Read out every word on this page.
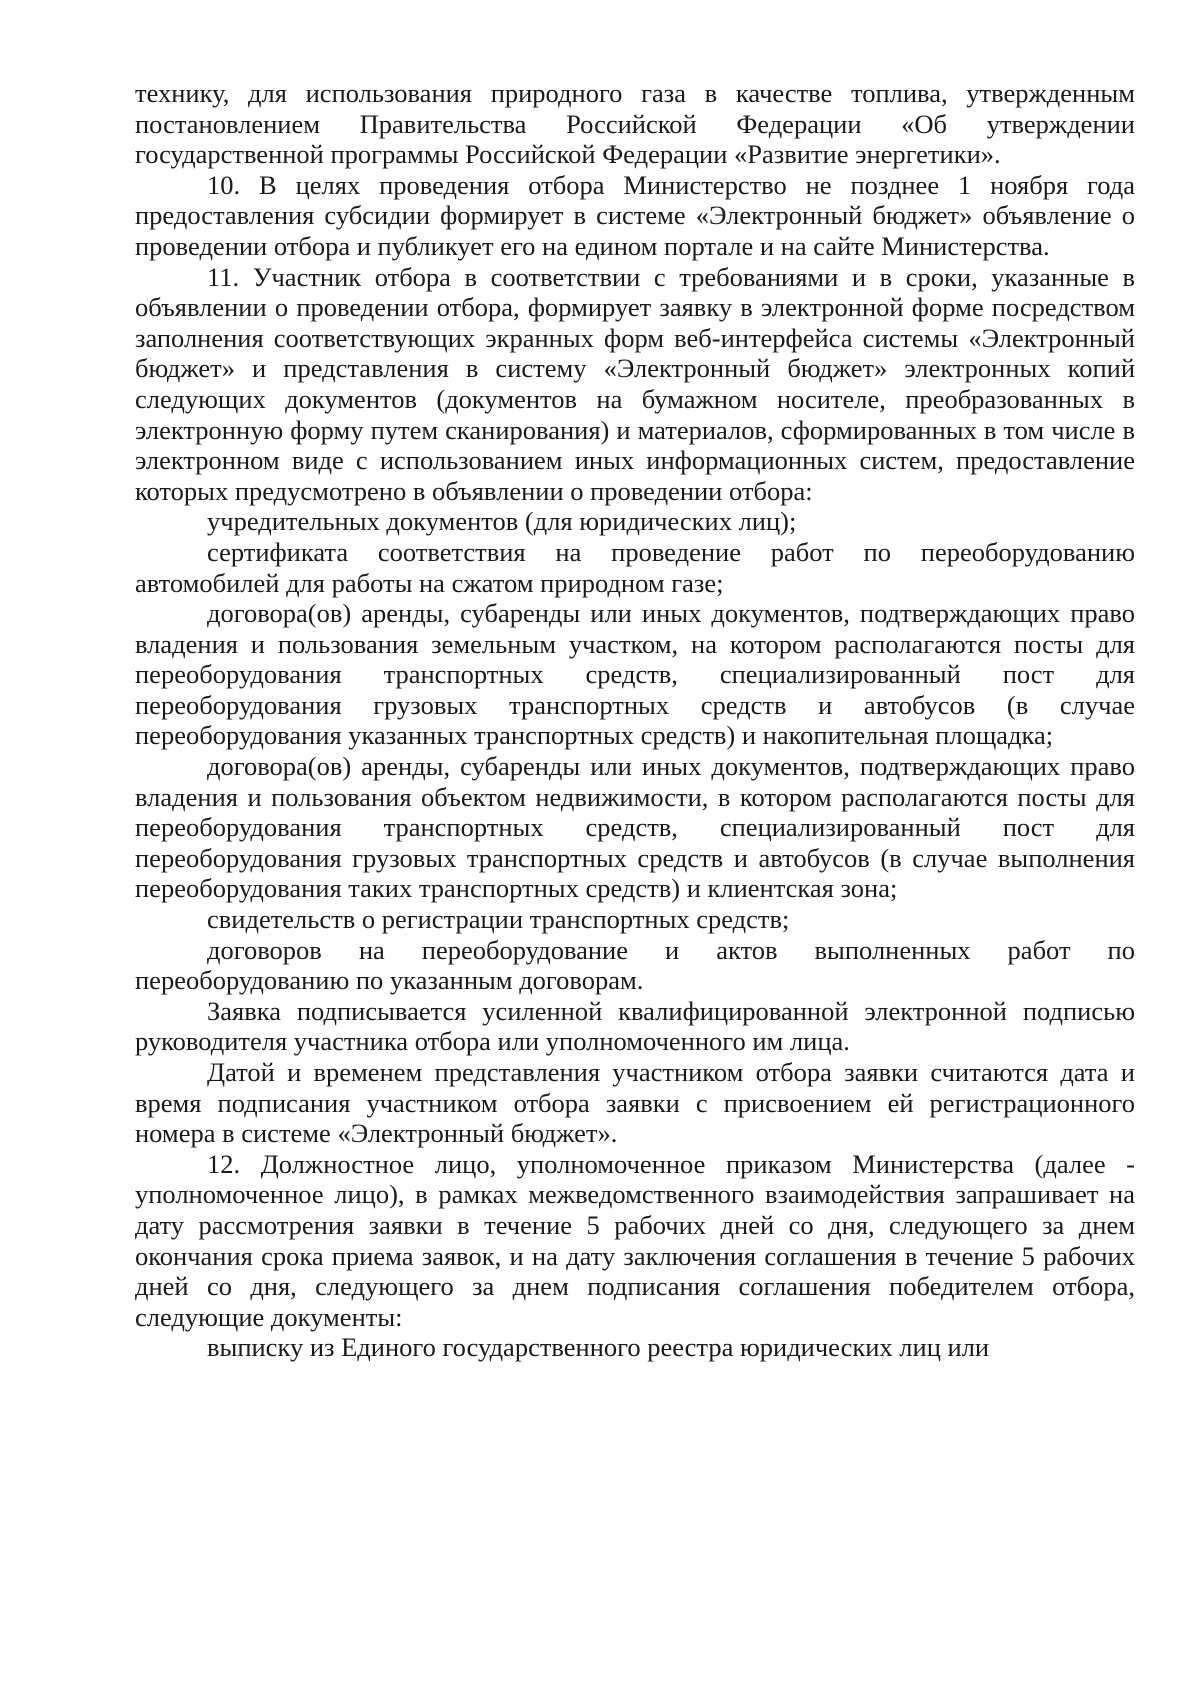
технику, для использования природного газа в качестве топлива, утвержденным постановлением Правительства Российской Федерации «Об утверждении государственной программы Российской Федерации «Развитие энергетики».

10. В целях проведения отбора Министерство не позднее 1 ноября года предоставления субсидии формирует в системе «Электронный бюджет» объявление о проведении отбора и публикует его на едином портале и на сайте Министерства.

11. Участник отбора в соответствии с требованиями и в сроки, указанные в объявлении о проведении отбора, формирует заявку в электронной форме посредством заполнения соответствующих экранных форм веб-интерфейса системы «Электронный бюджет» и представления в систему «Электронный бюджет» электронных копий следующих документов (документов на бумажном носителе, преобразованных в электронную форму путем сканирования) и материалов, сформированных в том числе в электронном виде с использованием иных информационных систем, предоставление которых предусмотрено в объявлении о проведении отбора:

учредительных документов (для юридических лиц);

сертификата соответствия на проведение работ по переоборудованию автомобилей для работы на сжатом природном газе;

договора(ов) аренды, субаренды или иных документов, подтверждающих право владения и пользования земельным участком, на котором располагаются посты для переоборудования транспортных средств, специализированный пост для переоборудования грузовых транспортных средств и автобусов (в случае переоборудования указанных транспортных средств) и накопительная площадка;

договора(ов) аренды, субаренды или иных документов, подтверждающих право владения и пользования объектом недвижимости, в котором располагаются посты для переоборудования транспортных средств, специализированный пост для переоборудования грузовых транспортных средств и автобусов (в случае выполнения переоборудования таких транспортных средств) и клиентская зона;

свидетельств о регистрации транспортных средств;

договоров на переоборудование и актов выполненных работ по переоборудованию по указанным договорам.

Заявка подписывается усиленной квалифицированной электронной подписью руководителя участника отбора или уполномоченного им лица.

Датой и временем представления участником отбора заявки считаются дата и время подписания участником отбора заявки с присвоением ей регистрационного номера в системе «Электронный бюджет».

12. Должностное лицо, уполномоченное приказом Министерства (далее - уполномоченное лицо), в рамках межведомственного взаимодействия запрашивает на дату рассмотрения заявки в течение 5 рабочих дней со дня, следующего за днем окончания срока приема заявок, и на дату заключения соглашения в течение 5 рабочих дней со дня, следующего за днем подписания соглашения победителем отбора, следующие документы:

выписку из Единого государственного реестра юридических лиц или
